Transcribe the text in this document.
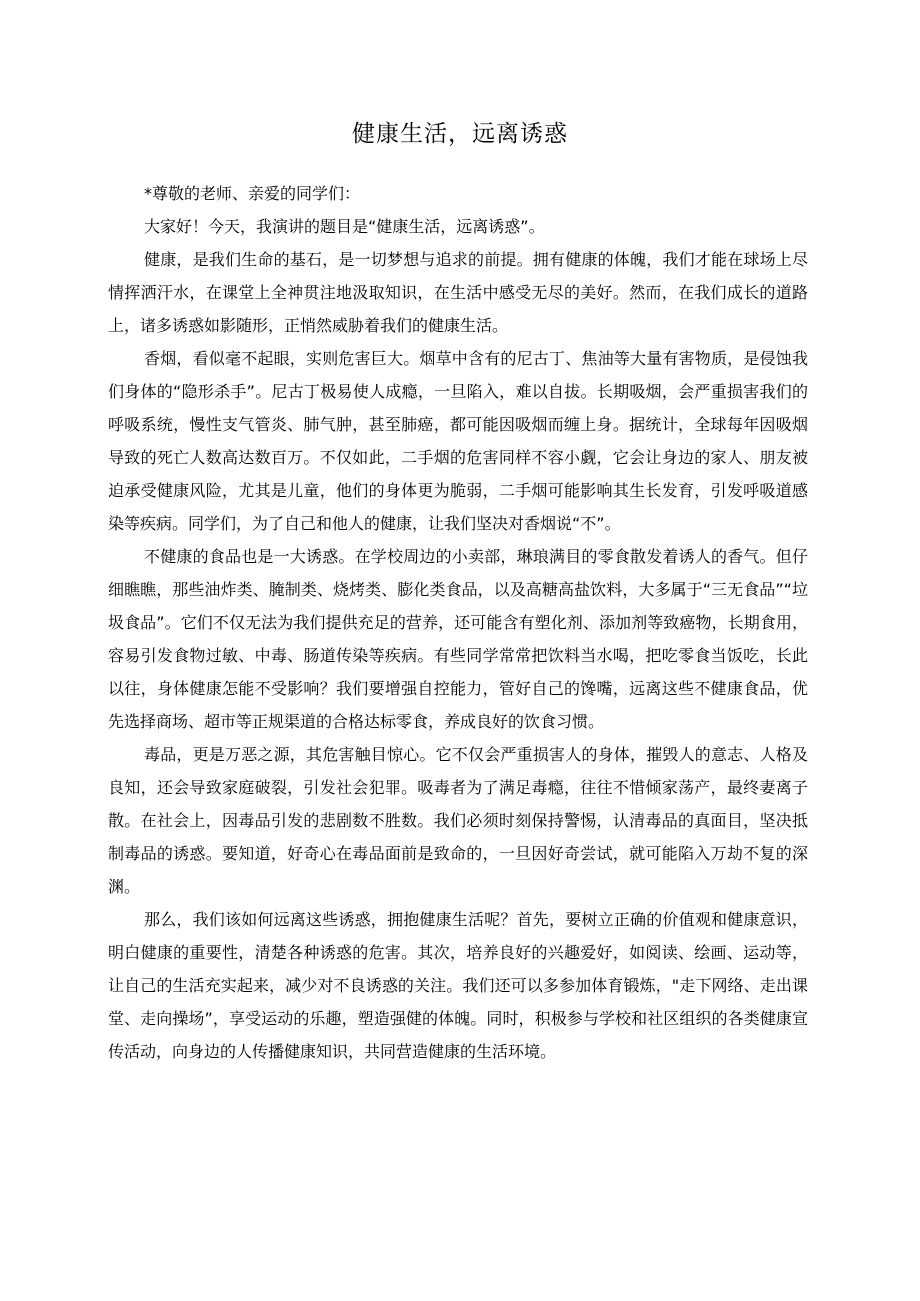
健康生活，远离诱惑

*尊敬的老师、亲爱的同学们：

大家好！今天，我演讲的题目是“健康生活，远离诱惑”。

健康，是我们生命的基石，是一切梦想与追求的前提。拥有健康的体魄，我们才能在球场上尽情挥洒汗水，在课堂上全神贯注地汲取知识，在生活中感受无尽的美好。然而，在我们成长的道路上，诸多诱惑如影随形，正悄然威胁着我们的健康生活。

香烟，看似毫不起眼，实则危害巨大。烟草中含有的尼古丁、焦油等大量有害物质，是侵蚀我们身体的“隐形杀手”。尼古丁极易使人成瘾，一旦陷入，难以自拔。长期吸烟，会严重损害我们的呼吸系统，慢性支气管炎、肺气肿，甚至肺癌，都可能因吸烟而缠上身。据统计，全球每年因吸烟导致的死亡人数高达数百万。不仅如此，二手烟的危害同样不容小觑，它会让身边的家人、朋友被迫承受健康风险，尤其是儿童，他们的身体更为脆弱，二手烟可能影响其生长发育，引发呼吸道感染等疾病。同学们，为了自己和他人的健康，让我们坚决对香烟说“不”。

不健康的食品也是一大诱惑。在学校周边的小卖部，琳琅满目的零食散发着诱人的香气。但仔细瞧瞧，那些油炸类、腌制类、烧烤类、膨化类食品，以及高糖高盐饮料，大多属于“三无食品”“垃圾食品”。它们不仅无法为我们提供充足的营养，还可能含有塑化剂、添加剂等致癌物，长期食用，容易引发食物过敏、中毒、肠道传染等疾病。有些同学常常把饮料当水喝，把吃零食当饭吃，长此以往，身体健康怎能不受影响？我们要增强自控能力，管好自己的馋嘴，远离这些不健康食品，优先选择商场、超市等正规渠道的合格达标零食，养成良好的饮食习惯。

毒品，更是万恶之源，其危害触目惊心。它不仅会严重损害人的身体，摧毁人的意志、人格及良知，还会导致家庭破裂，引发社会犯罪。吸毒者为了满足毒瘾，往往不惜倾家荡产，最终妻离子散。在社会上，因毒品引发的悲剧数不胜数。我们必须时刻保持警惕，认清毒品的真面目，坚决抵制毒品的诱惑。要知道，好奇心在毒品面前是致命的，一旦因好奇尝试，就可能陷入万劫不复的深渊。

那么，我们该如何远离这些诱惑，拥抱健康生活呢？首先，要树立正确的价值观和健康意识，明白健康的重要性，清楚各种诱惑的危害。其次，培养良好的兴趣爱好，如阅读、绘画、运动等，让自己的生活充实起来，减少对不良诱惑的关注。我们还可以多参加体育锻炼，"走下网络、走出课堂、走向操场”，享受运动的乐趣，塑造强健的体魄。同时，积极参与学校和社区组织的各类健康宣传活动，向身边的人传播健康知识，共同营造健康的生活环境。
